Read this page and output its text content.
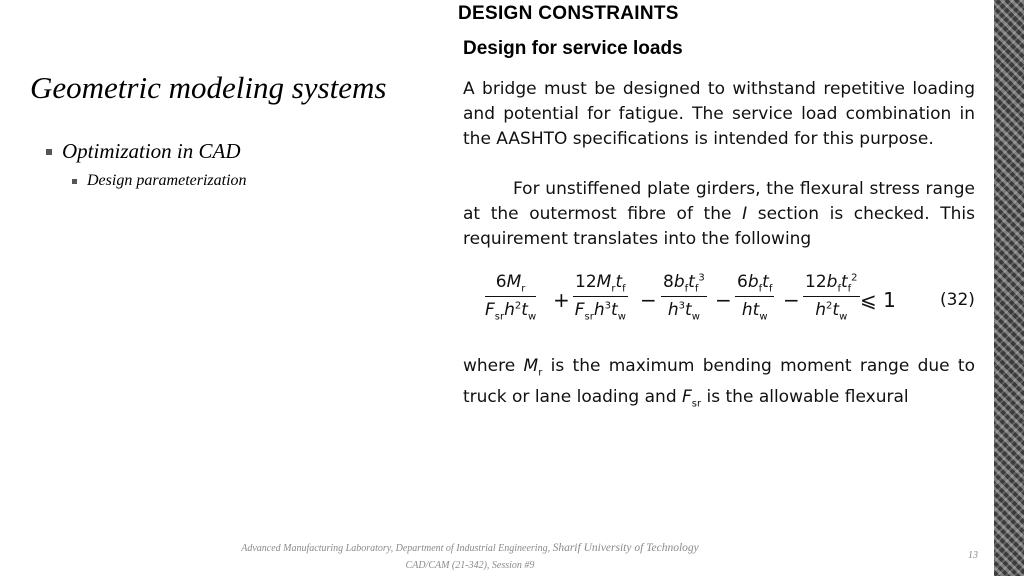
Geometric modeling systems
Optimization in CAD
Design parameterization
DESIGN CONSTRAINTS
Design for service loads
A bridge must be designed to withstand repetitive loading and potential for fatigue. The service load combination in the AASHTO specifications is intended for this purpose.
For unstiffened plate girders, the flexural stress range at the outermost fibre of the I section is checked. This requirement translates into the following
$6M_r$
$F_{sr}h^2t_w$
+
$12M_rt_f$
$F_{sr}h^3t_w$
−
$8b_ft_f^3$
$h^3t_w$
−
$6b_ft_f$
$ht_w$
−
$12b_ft_f^2$
$h^2t_w$
⩽ 1	(32)
where $M_r$ is the maximum bending moment range due to truck or lane loading and $F_{sr}$ is the allowable flexural
Advanced Manufacturing Laboratory, Department of Industrial Engineering, Sharif University of Technology
CAD/CAM (21-342), Session #9
13
